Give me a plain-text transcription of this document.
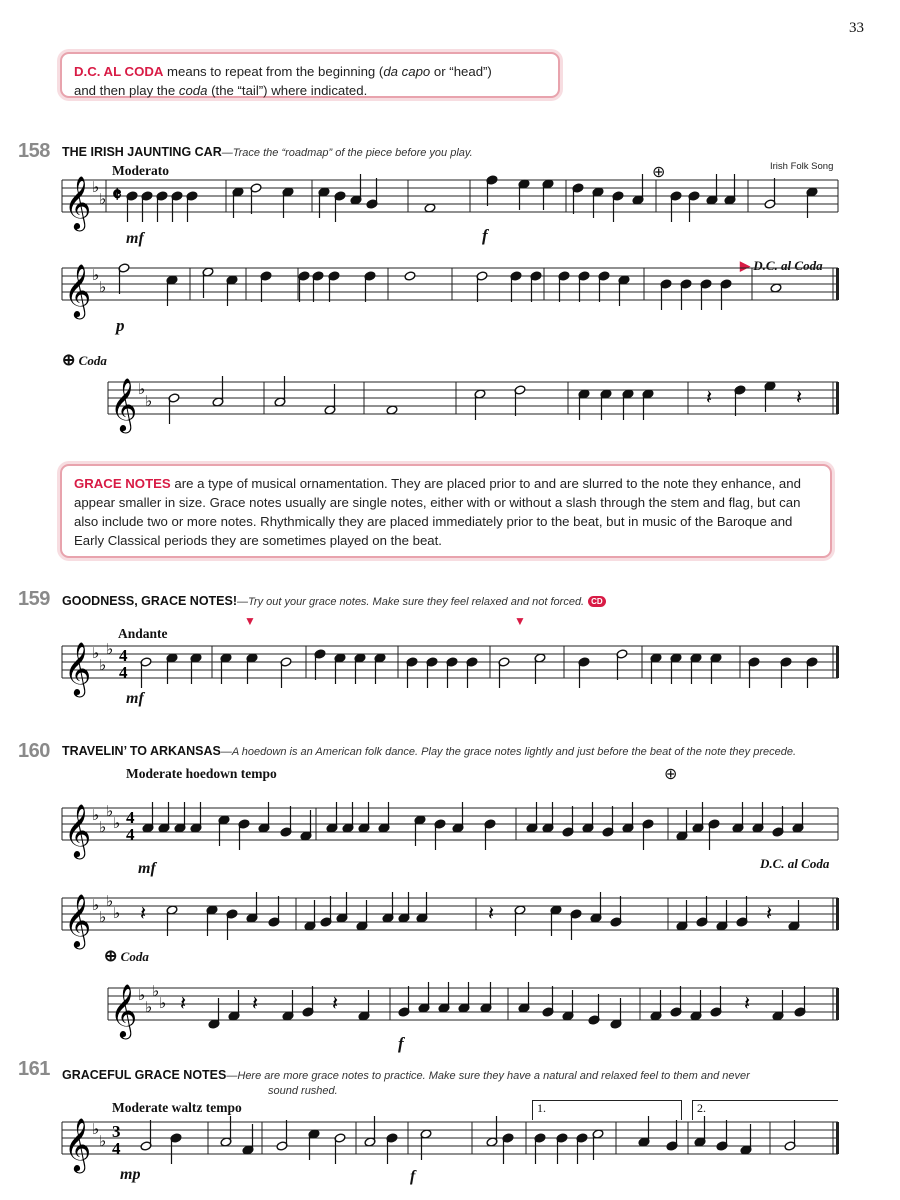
33
D.C. AL CODA means to repeat from the beginning (da capo or “head”)
and then play the coda (the “tail”) where indicated.
158 THE IRISH JAUNTING CAR—Trace the “roadmap” of the piece before you play.
Irish Folk Song
Moderato
mf	f
p
▶ D.C. al Coda
⊕ Coda
⊕
GRACE NOTES are a type of musical ornamentation. They are placed prior to and are slurred to the note they enhance, and appear smaller in size. Grace notes usually are single notes, either with or without a slash through the stem and flag, but can also include two or more notes. Rhythmically they are placed immediately prior to the beat, but in music of the Baroque and Early Classical periods they are sometimes played on the beat.
159 GOODNESS, GRACE NOTES!—Try out your grace notes. Make sure they feel relaxed and not forced. CD
Andante
mf
▼	▼
160 TRAVELIN’ TO ARKANSAS—A hoedown is an American folk dance. Play the grace notes lightly and just before the beat of the note they precede.
Moderate hoedown tempo
mf
f
⊕
D.C. al Coda
⊕ Coda
161 GRACEFUL GRACE NOTES—Here are more grace notes to practice. Make sure they have a natural and relaxed feel to them and never
sound rushed.
Moderate waltz tempo
mp	f
1.	2.
𝄞 ♭
♭ 𝄵
𝄞 ♭
♭
𝄞 ♭
♭	𝄽	𝄽
𝄞 ♭
♭
♭ 4
4
𝄞 ♭
♭
♭
♭ 4
4
𝄞 ♭
♭
♭
♭ 𝄽	𝄽	𝄽
𝄞 ♭
♭
♭
♭ 𝄽	𝄽	𝄽	𝄽
𝄞 ♭
♭ 3
4
